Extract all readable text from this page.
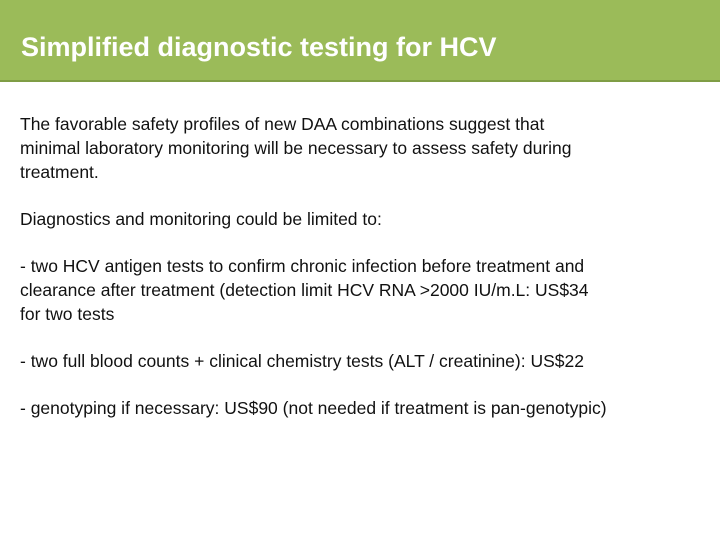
Simplified diagnostic testing for HCV

The favorable safety profiles of new DAA combinations suggest that
minimal laboratory monitoring will be necessary to assess safety during
treatment.

Diagnostics and monitoring could be limited to:

- two HCV antigen tests to confirm chronic infection before treatment and
clearance after treatment (detection limit HCV RNA >2000 IU/m.L: US$34
for two tests

- two full blood counts + clinical chemistry tests (ALT / creatinine): US$22

- genotyping if necessary: US$90 (not needed if treatment is pan-genotypic)
